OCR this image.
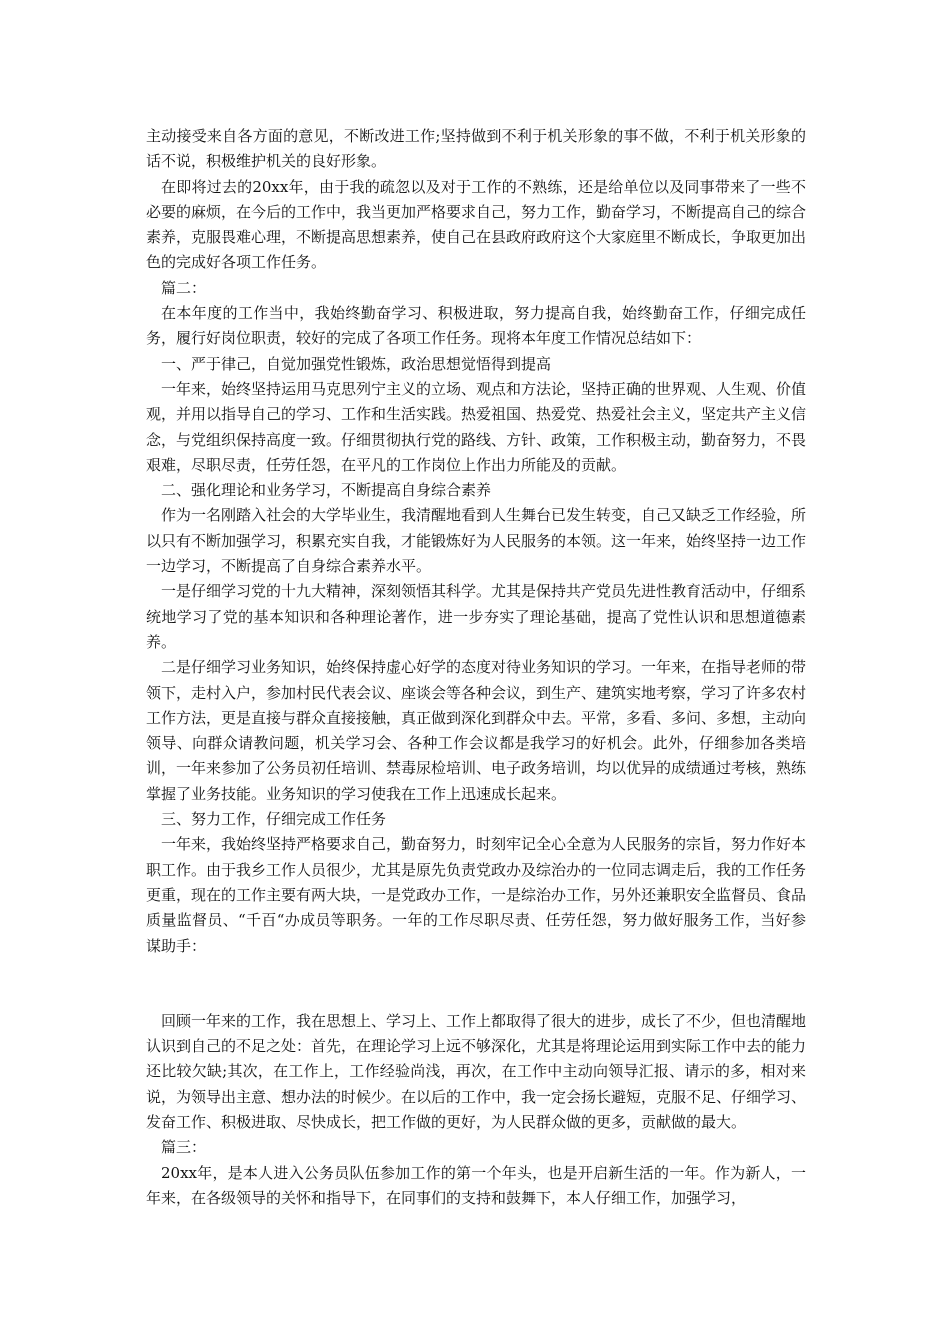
主动接受来自各方面的意见，不断改进工作;坚持做到不利于机关形象的事不做，不利于机关形象的话不说，积极维护机关的良好形象。

在即将过去的20xx年，由于我的疏忽以及对于工作的不熟练，还是给单位以及同事带来了一些不必要的麻烦，在今后的工作中，我当更加严格要求自己，努力工作，勤奋学习，不断提高自己的综合素养，克服畏难心理，不断提高思想素养，使自己在县政府政府这个大家庭里不断成长，争取更加出色的完成好各项工作任务。

篇二：

在本年度的工作当中，我始终勤奋学习、积极进取，努力提高自我，始终勤奋工作，仔细完成任务，履行好岗位职责，较好的完成了各项工作任务。现将本年度工作情况总结如下：

一、严于律己，自觉加强党性锻炼，政治思想觉悟得到提高

一年来，始终坚持运用马克思列宁主义的立场、观点和方法论，坚持正确的世界观、人生观、价值观，并用以指导自己的学习、工作和生活实践。热爱祖国、热爱党、热爱社会主义，坚定共产主义信念，与党组织保持高度一致。仔细贯彻执行党的路线、方针、政策，工作积极主动，勤奋努力，不畏艰难，尽职尽责，任劳任怨，在平凡的工作岗位上作出力所能及的贡献。

二、强化理论和业务学习，不断提高自身综合素养

作为一名刚踏入社会的大学毕业生，我清醒地看到人生舞台已发生转变，自己又缺乏工作经验，所以只有不断加强学习，积累充实自我，才能锻炼好为人民服务的本领。这一年来，始终坚持一边工作一边学习，不断提高了自身综合素养水平。

一是仔细学习党的十九大精神，深刻领悟其科学。尤其是保持共产党员先进性教育活动中，仔细系统地学习了党的基本知识和各种理论著作，进一步夯实了理论基础，提高了党性认识和思想道德素养。

二是仔细学习业务知识，始终保持虚心好学的态度对待业务知识的学习。一年来，在指导老师的带领下，走村入户，参加村民代表会议、座谈会等各种会议，到生产、建筑实地考察，学习了许多农村工作方法，更是直接与群众直接接触，真正做到深化到群众中去。平常，多看、多问、多想，主动向领导、向群众请教问题，机关学习会、各种工作会议都是我学习的好机会。此外，仔细参加各类培训，一年来参加了公务员初任培训、禁毒尿检培训、电子政务培训，均以优异的成绩通过考核，熟练掌握了业务技能。业务知识的学习使我在工作上迅速成长起来。

三、努力工作，仔细完成工作任务

一年来，我始终坚持严格要求自己，勤奋努力，时刻牢记全心全意为人民服务的宗旨，努力作好本职工作。由于我乡工作人员很少，尤其是原先负责党政办及综治办的一位同志调走后，我的工作任务更重，现在的工作主要有两大块，一是党政办工作，一是综治办工作，另外还兼职安全监督员、食品质量监督员、“千百“办成员等职务。一年的工作尽职尽责、任劳任怨，努力做好服务工作，当好参谋助手：

回顾一年来的工作，我在思想上、学习上、工作上都取得了很大的进步，成长了不少，但也清醒地认识到自己的不足之处：首先，在理论学习上远不够深化，尤其是将理论运用到实际工作中去的能力还比较欠缺;其次，在工作上，工作经验尚浅，再次，在工作中主动向领导汇报、请示的多，相对来说，为领导出主意、想办法的时候少。在以后的工作中，我一定会扬长避短，克服不足、仔细学习、发奋工作、积极进取、尽快成长，把工作做的更好，为人民群众做的更多，贡献做的最大。

篇三：

20xx年，是本人进入公务员队伍参加工作的第一个年头，也是开启新生活的一年。作为新人，一年来，在各级领导的关怀和指导下，在同事们的支持和鼓舞下，本人仔细工作，加强学习，
